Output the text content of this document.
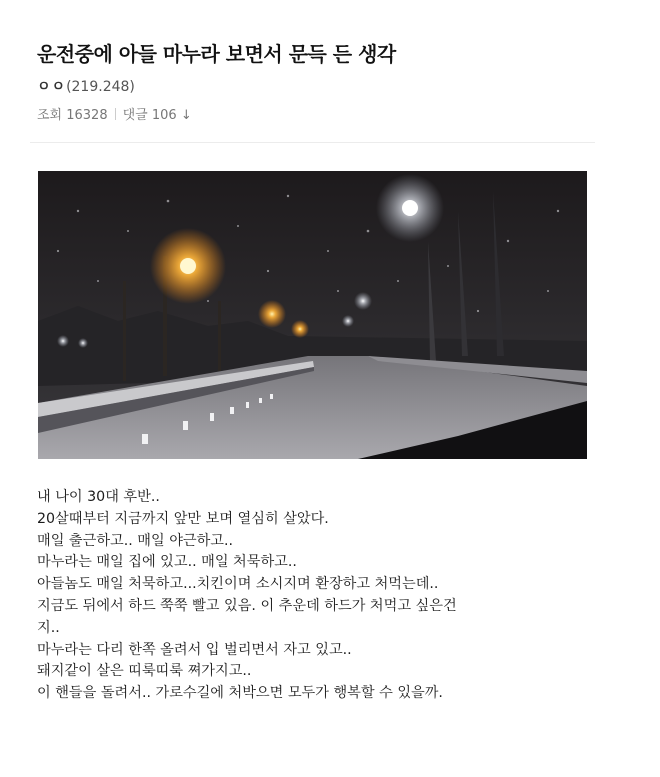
운전중에 아들 마누라 보면서 문득 든 생각
ㅇㅇ(219.248)
조회 16328 댓글 106 ↓
내 나이 30대 후반..
20살때부터 지금까지 앞만 보며 열심히 살았다.
매일 출근하고.. 매일 야근하고..
마누라는 매일 집에 있고.. 매일 처묵하고..
아들놈도 매일 처묵하고...치킨이며 소시지며 환장하고 처먹는데..
지금도 뒤에서 하드 쭉쭉 빨고 있음. 이 추운데 하드가 처먹고 싶은건
지..
마누라는 다리 한쪽 올려서 입 벌리면서 자고 있고..
돼지같이 살은 띠룩띠룩 쪄가지고..
이 핸들을 돌려서.. 가로수길에 처박으면 모두가 행복할 수 있을까.
